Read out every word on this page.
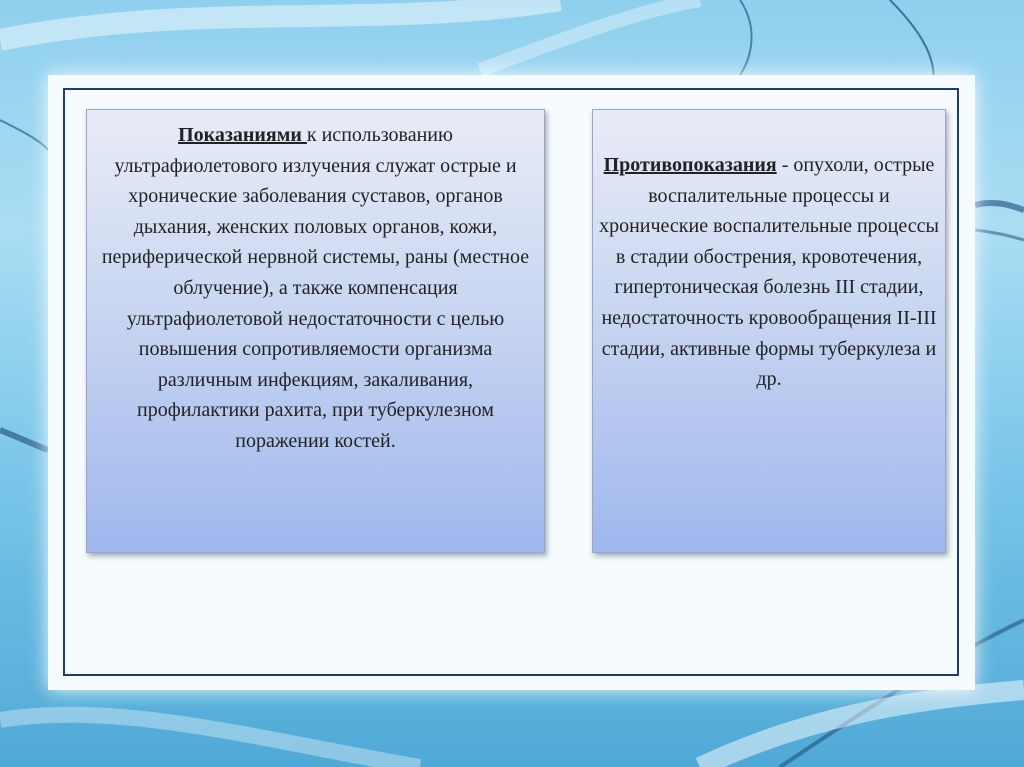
Показаниями к использованию ультрафиолетового излучения служат острые и хронические заболевания суставов, органов дыхания, женских половых органов, кожи, периферической нервной системы, раны (местное облучение), а также компенсация ультрафиолетовой недостаточности с целью повышения сопротивляемости организма различным инфекциям, закаливания, профилактики рахита, при туберкулезном поражении костей.
Противопоказания - опухоли, острые воспалительные процессы и хронические воспалительные процессы в стадии обострения, кровотечения, гипертоническая болезнь III стадии, недостаточность кровообращения II-III стадии, активные формы туберкулеза и др.
